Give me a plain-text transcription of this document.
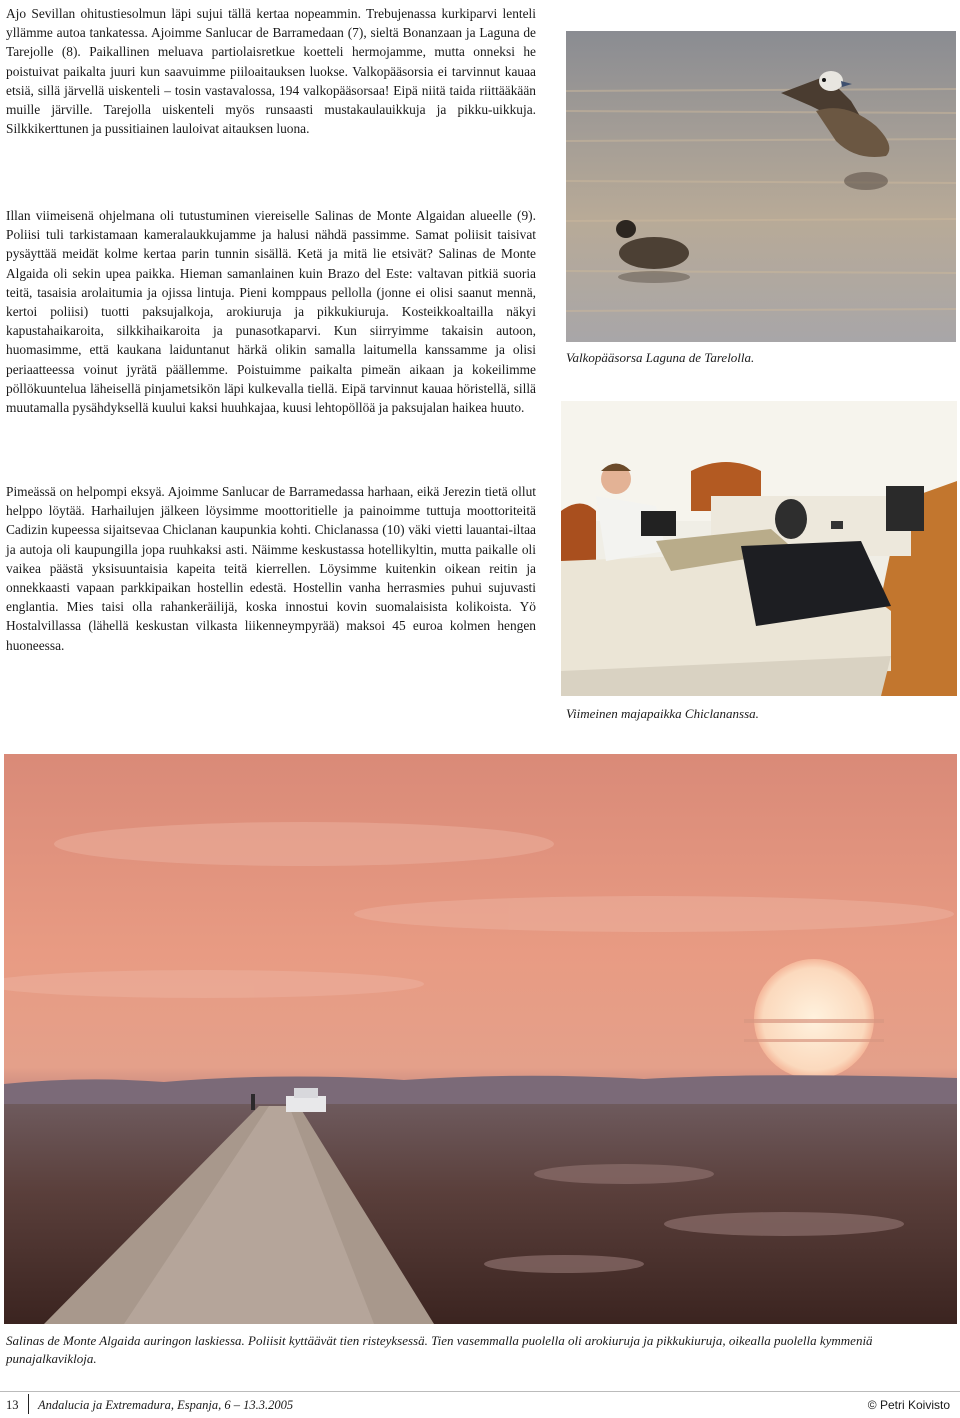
Ajo Sevillan ohitustiesolmun läpi sujui tällä kertaa nopeammin. Trebujenassa kurkiparvi lenteli yllämme autoa tankatessa. Ajoimme Sanlucar de Barramedaan (7), sieltä Bonanzaan ja Laguna de Tarejolle (8). Paikallinen meluava partiolaisretkue koetteli hermojamme, mutta onneksi he poistuivat paikalta juuri kun saavuimme piiloaitauksen luokse. Valkopääsorsia ei tarvinnut kauaa etsiä, sillä järvellä uiskenteli – tosin vastavalossa, 194 valkopääsorsaa! Eipä niitä taida riittääkään muille järville. Tarejolla uiskenteli myös runsaasti mustakaulauikkuja ja pikku-uikkuja. Silkkikerttunen ja pussitiainen lauloivat aitauksen luona.

Illan viimeisenä ohjelmana oli tutustuminen viereiselle Salinas de Monte Algaidan alueelle (9). Poliisi tuli tarkistamaan kameralaukkujamme ja halusi nähdä passimme. Samat poliisit taisivat pysäyttää meidät kolme kertaa parin tunnin sisällä. Ketä ja mitä lie etsivät? Salinas de Monte Algaida oli sekin upea paikka. Hieman samanlainen kuin Brazo del Este: valtavan pitkiä suoria teitä, tasaisia arolaitumia ja ojissa lintuja. Pieni komppaus pellolla (jonne ei olisi saanut mennä, kertoi poliisi) tuotti paksujalkoja, arokiuruja ja pikkukiuruja. Kosteikkoaltailla näkyi kapustahaikaroita, silkkihaikaroita ja punasotkaparvi. Kun siirryimme takaisin autoon, huomasimme, että kaukana laiduntanut härkä olikin samalla laitumella kanssamme ja olisi periaatteessa voinut jyrätä päällemme. Poistuimme paikalta pimeän aikaan ja kokeilimme pöllökuuntelua läheisellä pinjametsikön läpi kulkevalla tiellä. Eipä tarvinnut kauaa höristellä, sillä muutamalla pysähdyksellä kuului kaksi huuhkajaa, kuusi lehtopöllöä ja paksujalan haikea huuto.

Pimeässä on helpompi eksyä. Ajoimme Sanlucar de Barramedassa harhaan, eikä Jerezin tietä ollut helppo löytää. Harhailujen jälkeen löysimme moottoritielle ja painoimme tuttuja moottoriteitä Cadizin kupeessa sijaitsevaa Chiclanan kaupunkia kohti. Chiclanassa (10) väki vietti lauantai-iltaa ja autoja oli kaupungilla jopa ruuhkaksi asti. Näimme keskustassa hotellikyltin, mutta paikalle oli vaikea päästä yksisuuntaisia kapeita teitä kierrellen. Löysimme kuitenkin oikean reitin ja onnekkaasti vapaan parkkipaikan hostellin edestä. Hostellin vanha herrasmies puhui sujuvasti englantia. Mies taisi olla rahankeräilijä, koska innostui kovin suomalaisista kolikoista. Yö Hostalvillassa (lähellä keskustan vilkasta liikenneympyrää) maksoi 45 euroa kolmen hengen huoneessa.

Valkopääsorsa Laguna de Tarelolla.
Viimeinen majapaikka Chiclananssa.
Salinas de Monte Algaida auringon laskiessa. Poliisit kyttäävät tien risteyksessä. Tien vasemmalla puolella oli arokiuruja ja pikkukiuruja, oikealla puolella kymmeniä punajalkavikloja.
13 Andalucia ja Extremadura, Espanja, 6 – 13.3.2005	© Petri Koivisto
